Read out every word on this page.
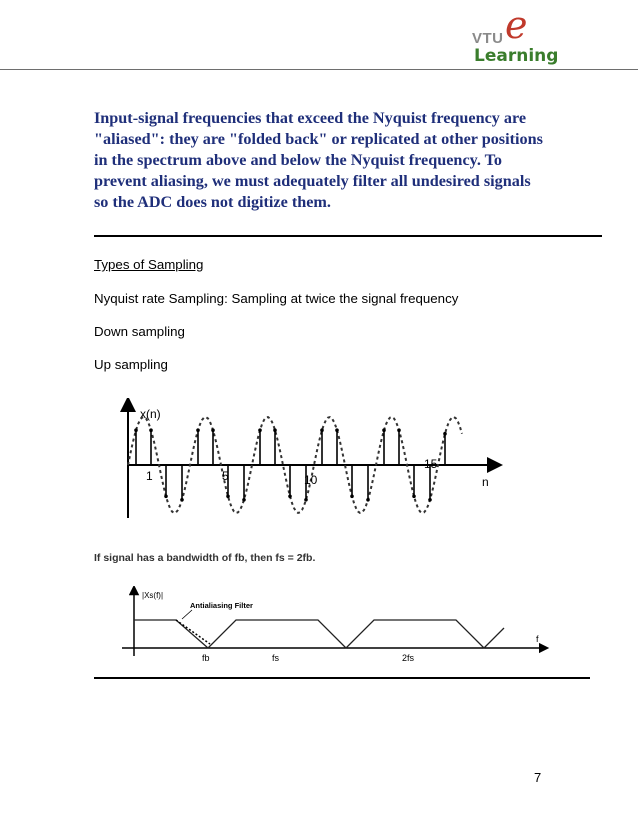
VTU e
Learning
Input-signal frequencies that exceed the Nyquist frequency are
"aliased": they are "folded back" or replicated at other positions
in the spectrum above and below the Nyquist frequency. To
prevent aliasing, we must adequately filter all undesired signals
so the ADC does not digitize them.
Types of Sampling
Nyquist rate Sampling: Sampling at twice the signal frequency
Down sampling
Up sampling
x(n)
n
1	5	10
15
If signal has a bandwidth of fb, then fs = 2fb.
|Xs(f)|
Antialiasing Filter
f
fb	fs	2fs
7
